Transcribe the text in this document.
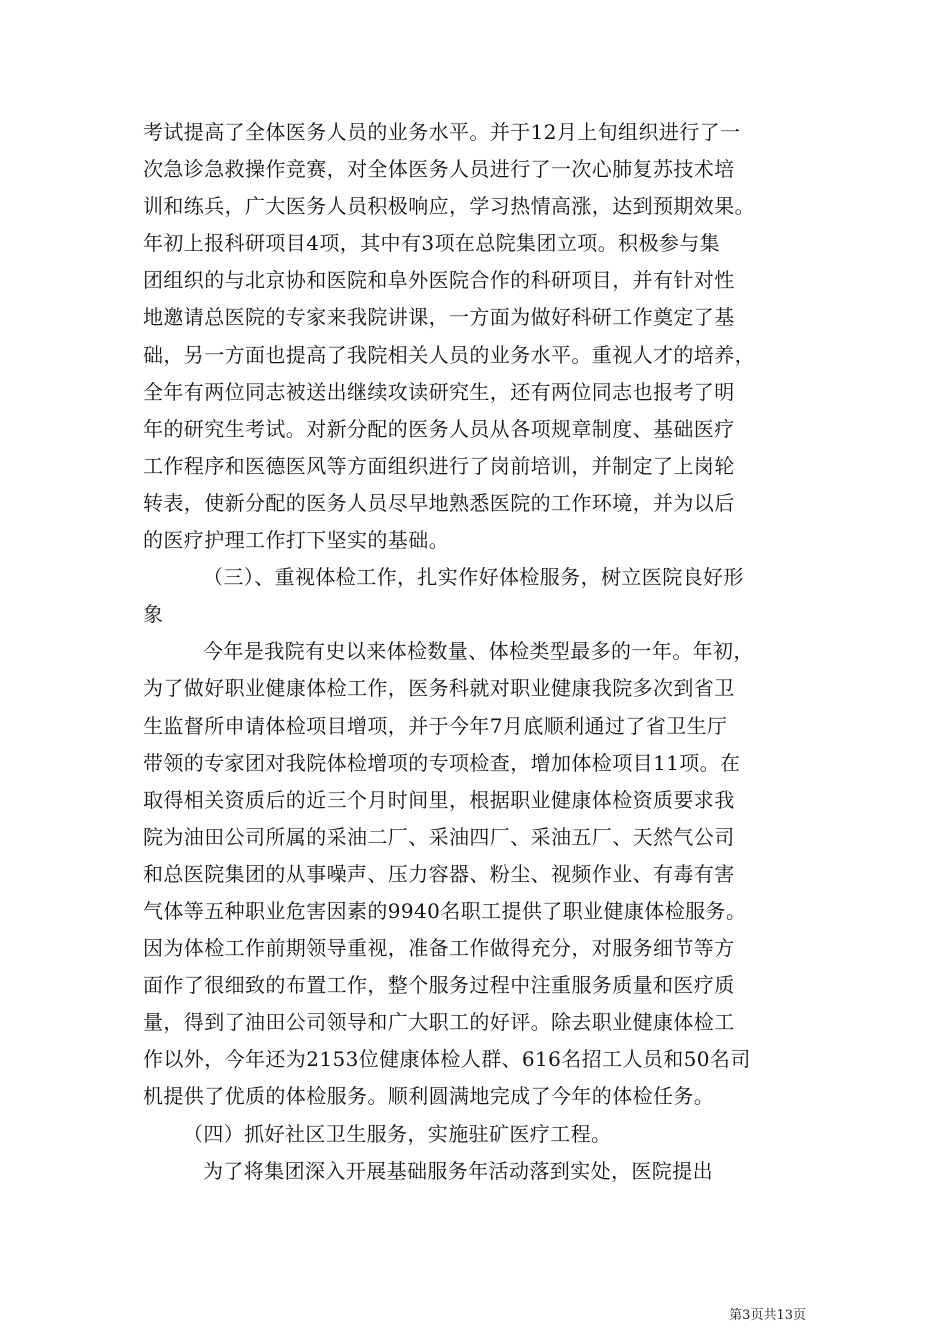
考试提高了全体医务人员的业务水平。并于12月上旬组织进行了一
次急诊急救操作竞赛，对全体医务人员进行了一次心肺复苏技术培
训和练兵，广大医务人员积极响应，学习热情高涨，达到预期效果。
年初上报科研项目4项，其中有3项在总院集团立项。积极参与集
团组织的与北京协和医院和阜外医院合作的科研项目，并有针对性
地邀请总医院的专家来我院讲课，一方面为做好科研工作奠定了基
础，另一方面也提高了我院相关人员的业务水平。重视人才的培养，
全年有两位同志被送出继续攻读研究生，还有两位同志也报考了明
年的研究生考试。对新分配的医务人员从各项规章制度、基础医疗
工作程序和医德医风等方面组织进行了岗前培训，并制定了上岗轮
转表，使新分配的医务人员尽早地熟悉医院的工作环境，并为以后
的医疗护理工作打下坚实的基础。
（三）、重视体检工作，扎实作好体检服务，树立医院良好形
象
今年是我院有史以来体检数量、体检类型最多的一年。年初，
为了做好职业健康体检工作，医务科就对职业健康我院多次到省卫
生监督所申请体检项目增项，并于今年7月底顺利通过了省卫生厅
带领的专家团对我院体检增项的专项检查，增加体检项目11项。在
取得相关资质后的近三个月时间里，根据职业健康体检资质要求我
院为油田公司所属的采油二厂、采油四厂、采油五厂、天然气公司
和总医院集团的从事噪声、压力容器、粉尘、视频作业、有毒有害
气体等五种职业危害因素的9940名职工提供了职业健康体检服务。
因为体检工作前期领导重视，准备工作做得充分，对服务细节等方
面作了很细致的布置工作，整个服务过程中注重服务质量和医疗质
量，得到了油田公司领导和广大职工的好评。除去职业健康体检工
作以外，今年还为2153位健康体检人群、616名招工人员和50名司
机提供了优质的体检服务。顺利圆满地完成了今年的体检任务。
（四）抓好社区卫生服务，实施驻矿医疗工程。
为了将集团深入开展基础服务年活动落到实处，医院提出
第3页共13页
